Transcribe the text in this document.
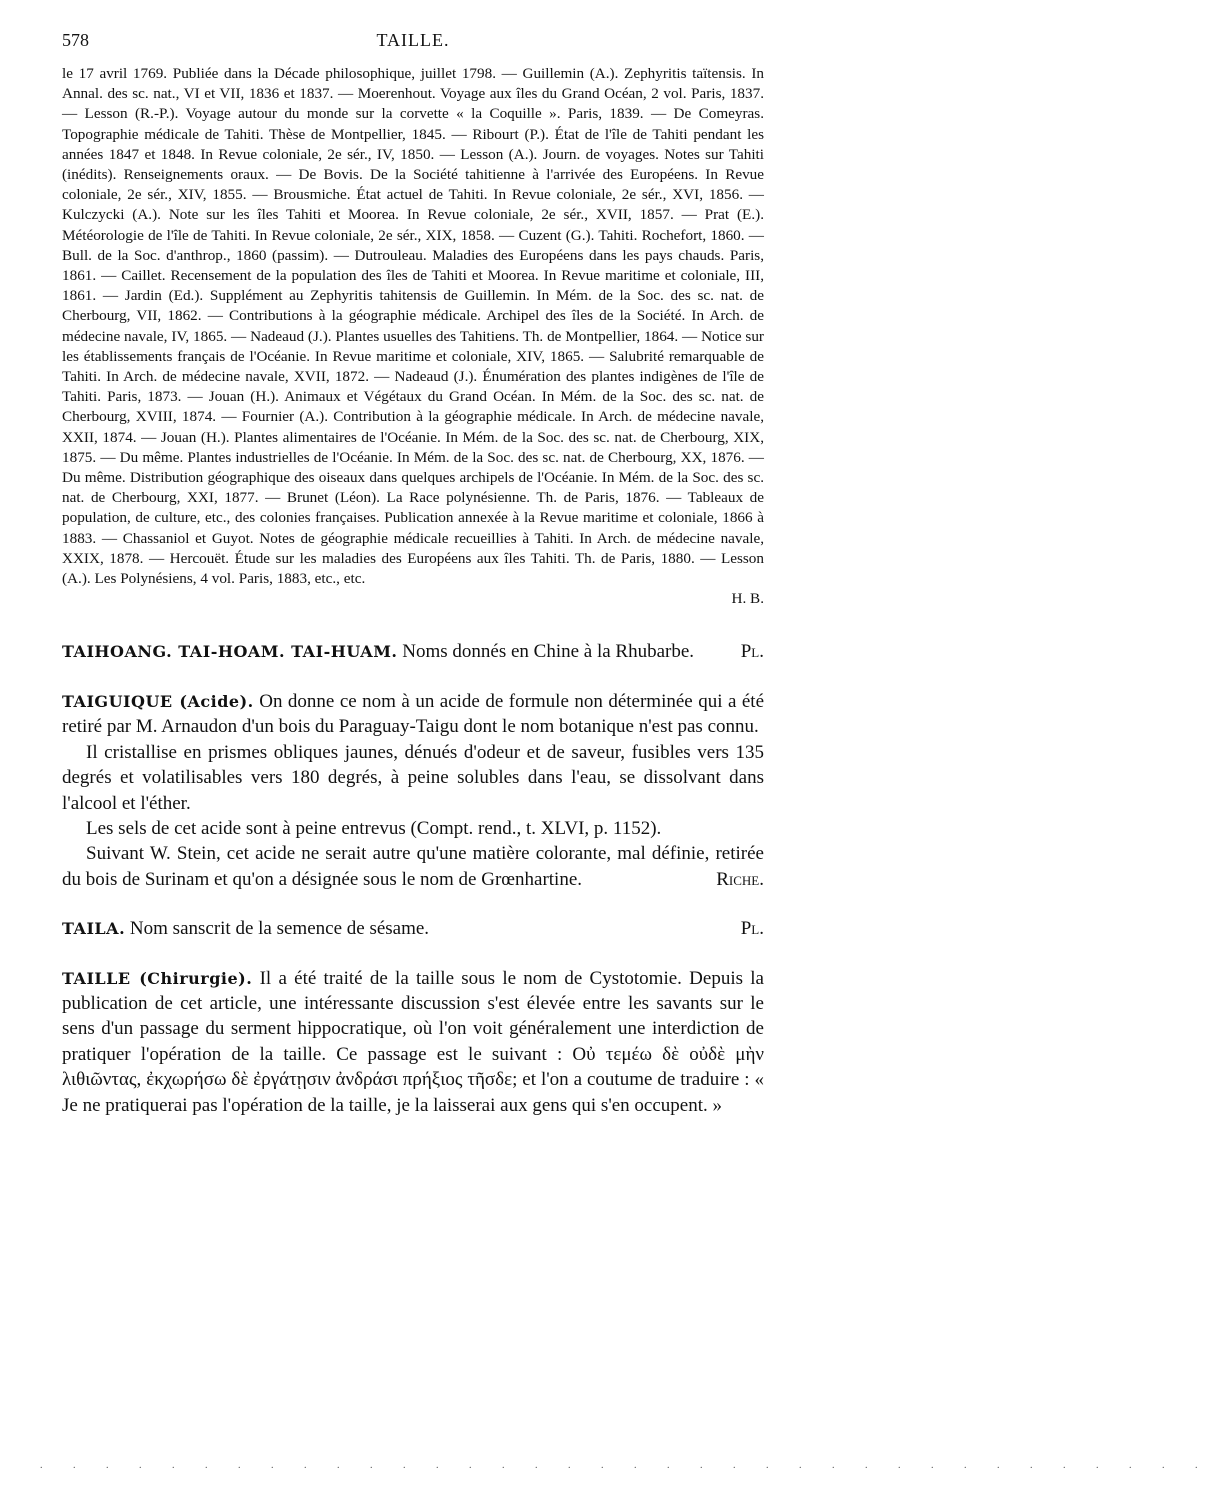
578	TAILLE.
le 17 avril 1769. Publiée dans la Décade philosophique, juillet 1798. — Guillemin (A.). Zephyritis taïtensis. In Annal. des sc. nat., VI et VII, 1836 et 1837. — Moerenhout. Voyage aux îles du Grand Océan, 2 vol. Paris, 1837. — Lesson (R.-P.). Voyage autour du monde sur la corvette « la Coquille ». Paris, 1839. — De Comeyras. Topographie médicale de Tahiti. Thèse de Montpellier, 1845. — Ribourt (P.). État de l'île de Tahiti pendant les années 1847 et 1848. In Revue coloniale, 2e sér., IV, 1850. — Lesson (A.). Journ. de voyages. Notes sur Tahiti (inédits). Renseignements oraux. — De Bovis. De la Société tahitienne à l'arrivée des Européens. In Revue coloniale, 2e sér., XIV, 1855. — Brousmiche. État actuel de Tahiti. In Revue coloniale, 2e sér., XVI, 1856. — Kulczycki (A.). Note sur les îles Tahiti et Moorea. In Revue coloniale, 2e sér., XVII, 1857. — Prat (E.). Météorologie de l'île de Tahiti. In Revue coloniale, 2e sér., XIX, 1858. — Cuzent (G.). Tahiti. Rochefort, 1860. — Bull. de la Soc. d'anthrop., 1860 (passim). — Dutrouleau. Maladies des Européens dans les pays chauds. Paris, 1861. — Caillet. Recensement de la population des îles de Tahiti et Moorea. In Revue maritime et coloniale, III, 1861. — Jardin (Ed.). Supplément au Zephyritis tahitensis de Guillemin. In Mém. de la Soc. des sc. nat. de Cherbourg, VII, 1862. — Contributions à la géographie médicale. Archipel des îles de la Société. In Arch. de médecine navale, IV, 1865. — Nadeaud (J.). Plantes usuelles des Tahitiens. Th. de Montpellier, 1864. — Notice sur les établissements français de l'Océanie. In Revue maritime et coloniale, XIV, 1865. — Salubrité remarquable de Tahiti. In Arch. de médecine navale, XVII, 1872. — Nadeaud (J.). Énumération des plantes indigènes de l'île de Tahiti. Paris, 1873. — Jouan (H.). Animaux et Végétaux du Grand Océan. In Mém. de la Soc. des sc. nat. de Cherbourg, XVIII, 1874. — Fournier (A.). Contribution à la géographie médicale. In Arch. de médecine navale, XXII, 1874. — Jouan (H.). Plantes alimentaires de l'Océanie. In Mém. de la Soc. des sc. nat. de Cherbourg, XIX, 1875. — Du même. Plantes industrielles de l'Océanie. In Mém. de la Soc. des sc. nat. de Cherbourg, XX, 1876. — Du même. Distribution géographique des oiseaux dans quelques archipels de l'Océanie. In Mém. de la Soc. des sc. nat. de Cherbourg, XXI, 1877. — Brunet (Léon). La Race polynésienne. Th. de Paris, 1876. — Tableaux de population, de culture, etc., des colonies françaises. Publication annexée à la Revue maritime et coloniale, 1866 à 1883. — Chassaniol et Guyot. Notes de géographie médicale recueillies à Tahiti. In Arch. de médecine navale, XXIX, 1878. — Hercouët. Étude sur les maladies des Européens aux îles Tahiti. Th. de Paris, 1880. — Lesson (A.). Les Polynésiens, 4 vol. Paris, 1883, etc., etc.
H. B.

TAIHOANG. TAI-HOAM. TAI-HUAM. Noms donnés en Chine à la Rhubarbe. Pl.

TAIGUIQUE (Acide). On donne ce nom à un acide de formule non déterminée qui a été retiré par M. Arnaudon d'un bois du Paraguay-Taigu dont le nom botanique n'est pas connu.

Il cristallise en prismes obliques jaunes, dénués d'odeur et de saveur, fusibles vers 135 degrés et volatilisables vers 180 degrés, à peine solubles dans l'eau, se dissolvant dans l'alcool et l'éther.

Les sels de cet acide sont à peine entrevus (Compt. rend., t. XLVI, p. 1152).

Suivant W. Stein, cet acide ne serait autre qu'une matière colorante, mal définie, retirée du bois de Surinam et qu'on a désignée sous le nom de Grœnhartine.	Riche.

TAILA. Nom sanscrit de la semence de sésame.	Pl.

TAILLE (Chirurgie). Il a été traité de la taille sous le nom de Cystotomie. Depuis la publication de cet article, une intéressante discussion s'est élevée entre les savants sur le sens d'un passage du serment hippocratique, où l'on voit généralement une interdiction de pratiquer l'opération de la taille. Ce passage est le suivant : Οὐ τεμέω δὲ οὐδὲ μὴν λιθιῶντας, ἐκχωρήσω δὲ ἐργάτῃσιν ἀνδράσι πρήξιος τῆσδε; et l'on a coutume de traduire : « Je ne pratiquerai pas l'opération de la taille, je la laisserai aux gens qui s'en occupent. »

. . . . . . . . . . . . . . . . . . . . . . . . . . . . . . . . . . . .
